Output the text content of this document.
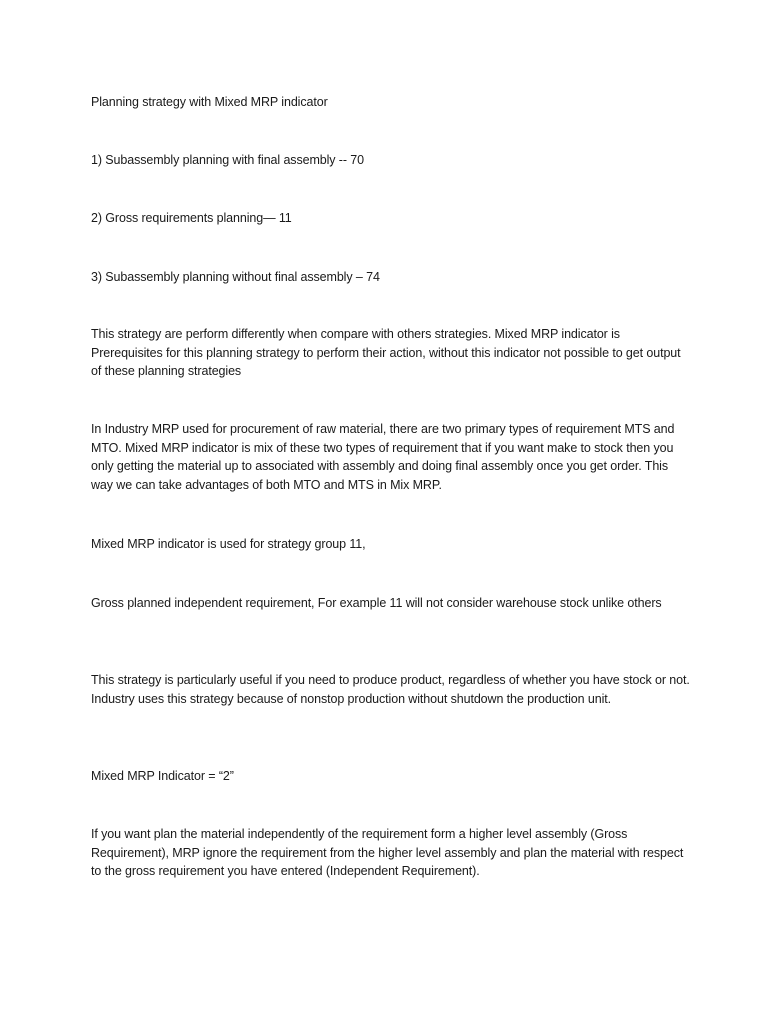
Planning strategy with Mixed MRP indicator

1) Subassembly planning with final assembly -- 70

2) Gross requirements planning— 11

3) Subassembly planning without final assembly – 74

This strategy are perform differently when compare with others strategies. Mixed MRP indicator is Prerequisites for this planning strategy to perform their action, without this indicator not possible to get output of these planning strategies

In Industry MRP used for procurement of raw material, there are two primary types of requirement MTS and MTO. Mixed MRP indicator is mix of these two types of requirement that if you want make to stock then you only getting the material up to associated with assembly and doing final assembly once you get order. This way we can take advantages of both MTO and MTS in Mix MRP.

Mixed MRP indicator is used for strategy group 11,

Gross planned independent requirement, For example 11 will not consider warehouse stock unlike others

This strategy is particularly useful if you need to produce product, regardless of whether you have stock or not. Industry uses this strategy because of nonstop production without shutdown the production unit.

Mixed MRP Indicator = “2”

If you want plan the material independently of the requirement form a higher level assembly (Gross Requirement), MRP ignore the requirement from the higher level assembly and plan the material with respect to the gross requirement you have entered (Independent Requirement).
